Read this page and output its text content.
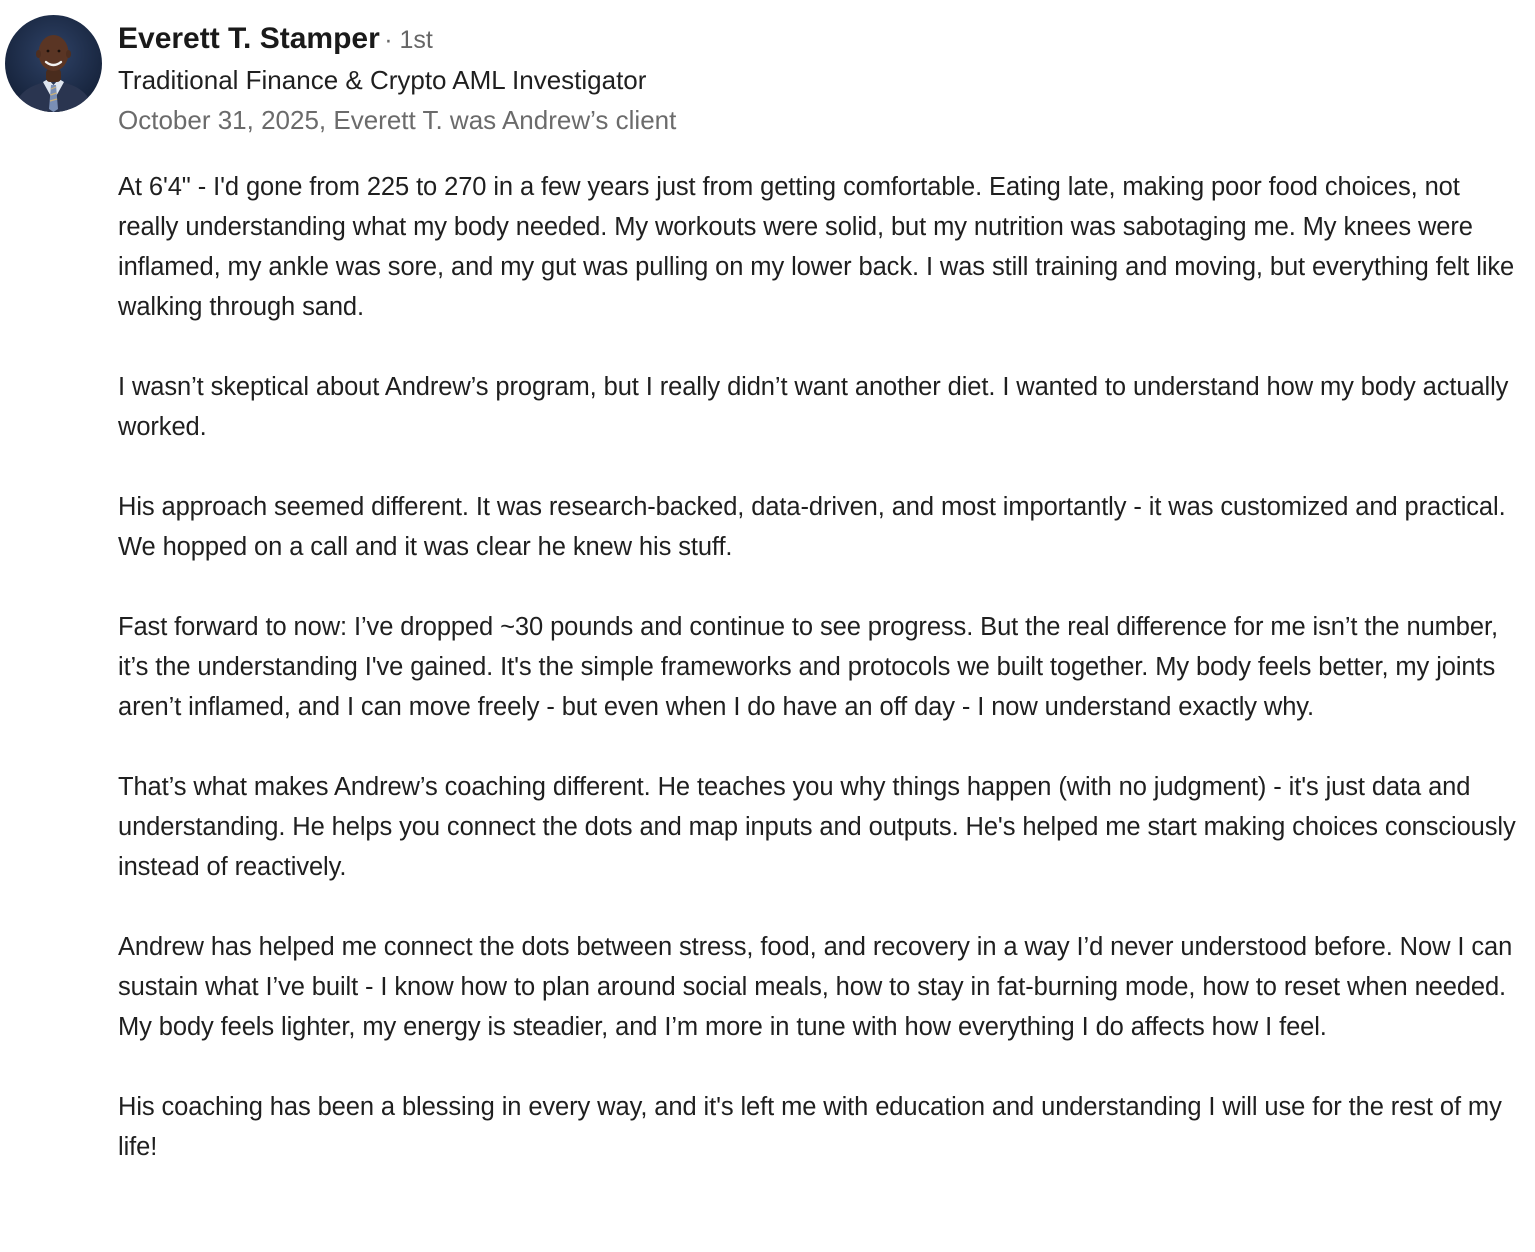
Everett T. Stamper · 1st
Traditional Finance & Crypto AML Investigator
October 31, 2025, Everett T. was Andrew’s client

At 6'4" - I'd gone from 225 to 270 in a few years just from getting comfortable. Eating late, making poor food choices, not really understanding what my body needed. My workouts were solid, but my nutrition was sabotaging me. My knees were inflamed, my ankle was sore, and my gut was pulling on my lower back. I was still training and moving, but everything felt like walking through sand.

I wasn’t skeptical about Andrew’s program, but I really didn’t want another diet. I wanted to understand how my body actually worked.

His approach seemed different. It was research-backed, data-driven, and most importantly - it was customized and practical. We hopped on a call and it was clear he knew his stuff.

Fast forward to now: I’ve dropped ~30 pounds and continue to see progress. But the real difference for me isn’t the number, it’s the understanding I've gained. It's the simple frameworks and protocols we built together. My body feels better, my joints aren’t inflamed, and I can move freely - but even when I do have an off day - I now understand exactly why.

That’s what makes Andrew’s coaching different. He teaches you why things happen (with no judgment) - it's just data and understanding. He helps you connect the dots and map inputs and outputs. He's helped me start making choices consciously instead of reactively.

Andrew has helped me connect the dots between stress, food, and recovery in a way I’d never understood before. Now I can sustain what I’ve built - I know how to plan around social meals, how to stay in fat-burning mode, how to reset when needed. My body feels lighter, my energy is steadier, and I’m more in tune with how everything I do affects how I feel.

His coaching has been a blessing in every way, and it's left me with education and understanding I will use for the rest of my life!
